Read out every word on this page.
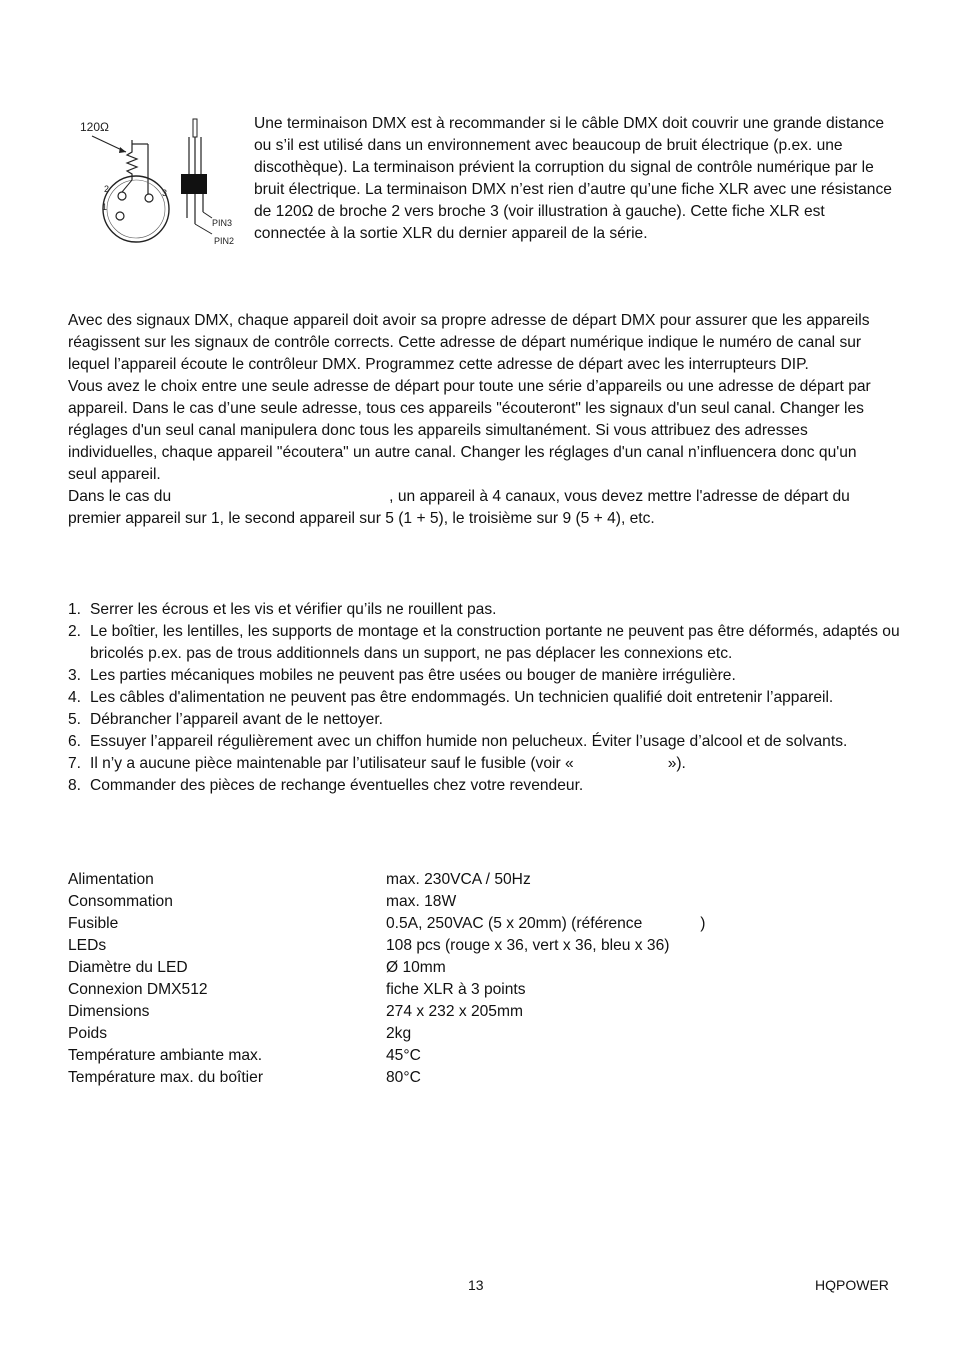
120Ω
2
1
3
PIN3
PIN2

Une terminaison DMX est à recommander si le câble DMX doit couvrir une grande distance ou s’il est utilisé dans un environnement avec beaucoup de bruit électrique (p.ex. une discothèque). La terminaison prévient la corruption du signal de contrôle numérique par le bruit électrique. La terminaison DMX n’est rien d’autre qu’une fiche XLR avec une résistance de 120Ω de broche 2 vers broche 3 (voir illustration à gauche). Cette fiche XLR est connectée à la sortie XLR du dernier appareil de la série.

Avec des signaux DMX, chaque appareil doit avoir sa propre adresse de départ DMX pour assurer que les appareils réagissent sur les signaux de contrôle corrects. Cette adresse de départ numérique indique le numéro de canal sur lequel l’appareil écoute le contrôleur DMX. Programmez cette adresse de départ avec les interrupteurs DIP.

Vous avez le choix entre une seule adresse de départ pour toute une série d’appareils ou une adresse de départ par appareil. Dans le cas d’une seule adresse, tous ces appareils "écouteront" les signaux d'un seul canal. Changer les réglages d'un seul canal manipulera donc tous les appareils simultanément. Si vous attribuez des adresses individuelles, chaque appareil "écoutera" un autre canal. Changer les réglages d'un canal n’influencera donc qu'un seul appareil.

Dans le cas du	, un appareil à 4 canaux, vous devez mettre l'adresse de départ du premier appareil sur 1, le second appareil sur 5 (1 + 5), le troisième sur 9 (5 + 4), etc.

1. Serrer les écrous et les vis et vérifier qu’ils ne rouillent pas.
2. Le boîtier, les lentilles, les supports de montage et la construction portante ne peuvent pas être déformés, adaptés ou bricolés p.ex. pas de trous additionnels dans un support, ne pas déplacer les connexions etc.
3. Les parties mécaniques mobiles ne peuvent pas être usées ou bouger de manière irrégulière.
4. Les câbles d'alimentation ne peuvent pas être endommagés. Un technicien qualifié doit entretenir l’appareil.
5. Débrancher l’appareil avant de le nettoyer.
6. Essuyer l’appareil régulièrement avec un chiffon humide non pelucheux. Éviter l’usage d’alcool et de solvants.
7. Il n’y a aucune pièce maintenable par l’utilisateur sauf le fusible (voir «	»).
8. Commander des pièces de rechange éventuelles chez votre revendeur.
Alimentation	max. 230VCA / 50Hz
Consommation	max. 18W
Fusible	0.5A, 250VAC (5 x 20mm) (référence )
LEDs	108 pcs (rouge x 36, vert x 36, bleu x 36)
Diamètre du LED	Ø 10mm
Connexion DMX512	fiche XLR à 3 points
Dimensions	274 x 232 x 205mm
Poids	2kg
Température ambiante max.	45°C
Température max. du boîtier	80°C
13	HQPOWER
